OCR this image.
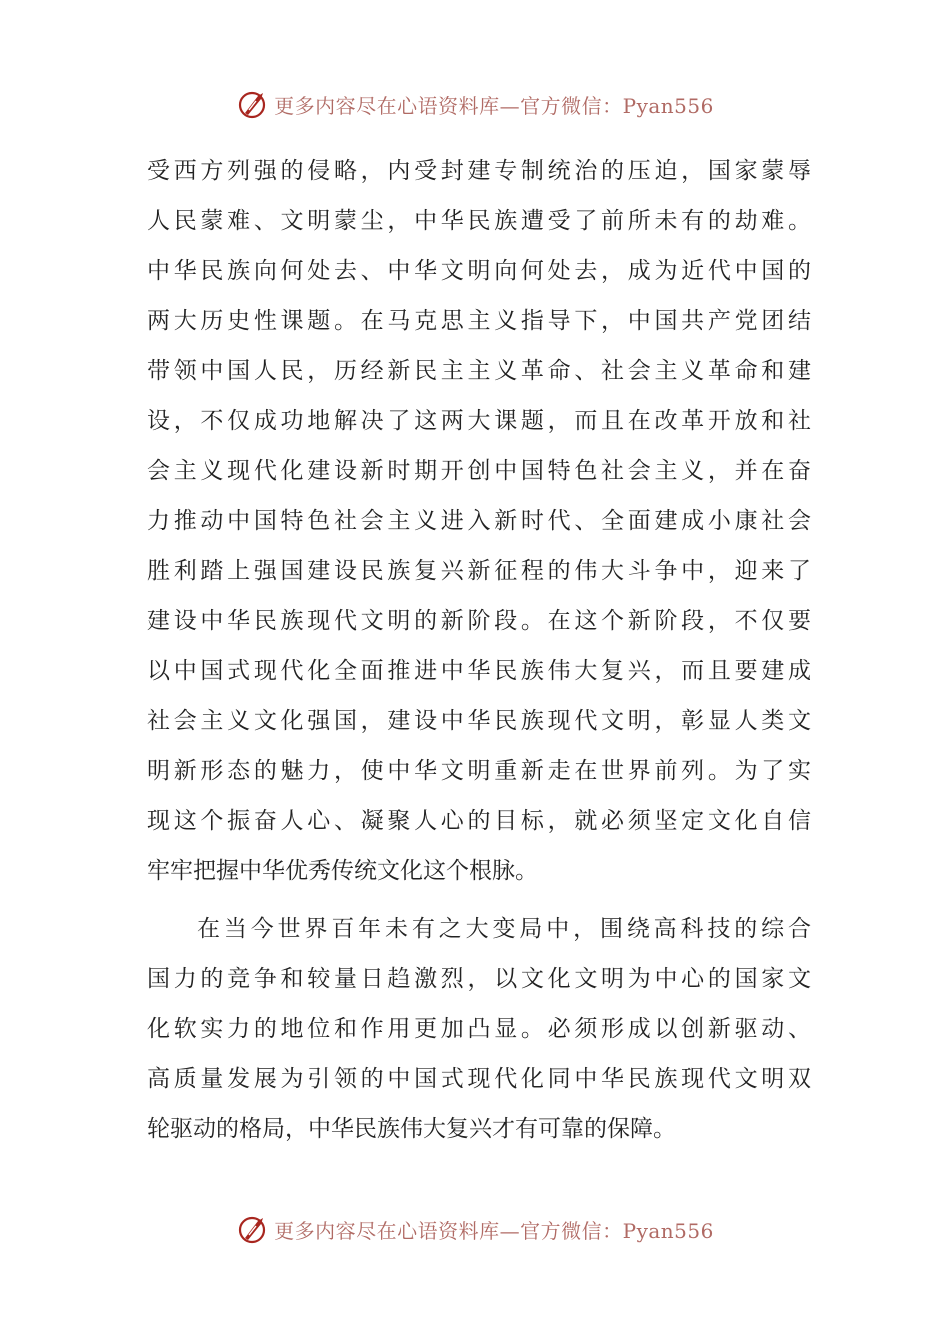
更多内容尽在心语资料库—官方微信：Pyan556
受西方列强的侵略，内受封建专制统治的压迫，国家蒙辱
人民蒙难、文明蒙尘，中华民族遭受了前所未有的劫难。
中华民族向何处去、中华文明向何处去，成为近代中国的
两大历史性课题。在马克思主义指导下，中国共产党团结
带领中国人民，历经新民主主义革命、社会主义革命和建
设，不仅成功地解决了这两大课题，而且在改革开放和社
会主义现代化建设新时期开创中国特色社会主义，并在奋
力推动中国特色社会主义进入新时代、全面建成小康社会
胜利踏上强国建设民族复兴新征程的伟大斗争中，迎来了
建设中华民族现代文明的新阶段。在这个新阶段，不仅要
以中国式现代化全面推进中华民族伟大复兴，而且要建成
社会主义文化强国，建设中华民族现代文明，彰显人类文
明新形态的魅力，使中华文明重新走在世界前列。为了实
现这个振奋人心、凝聚人心的目标，就必须坚定文化自信
牢牢把握中华优秀传统文化这个根脉。
在当今世界百年未有之大变局中，围绕高科技的综合
国力的竞争和较量日趋激烈，以文化文明为中心的国家文
化软实力的地位和作用更加凸显。必须形成以创新驱动、
高质量发展为引领的中国式现代化同中华民族现代文明双
轮驱动的格局，中华民族伟大复兴才有可靠的保障。
更多内容尽在心语资料库—官方微信：Pyan556
